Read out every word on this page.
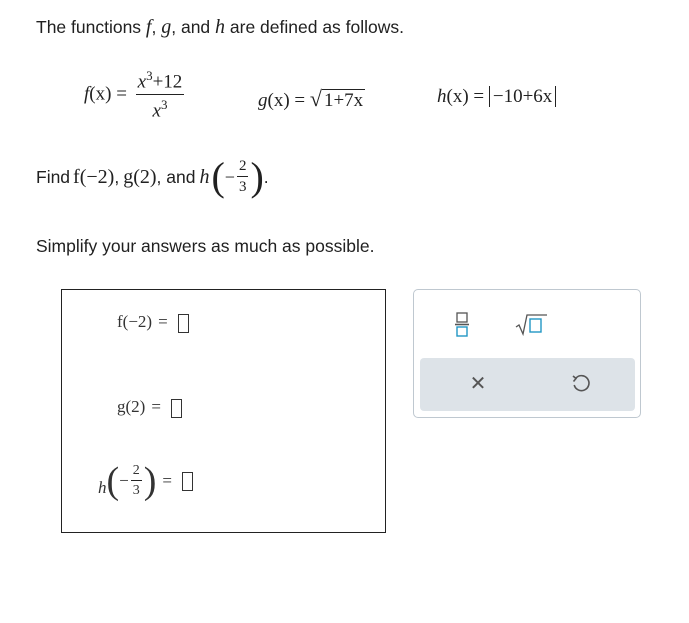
The functions f, g, and h are defined as follows.
$f(x) = \frac{x^3+12}{x^3}$	g(x) = √ 1+7x	h(x) = −10+6x
Find f(−2) , g(2) , and h ( − $\frac{2}{3}$ ) .
Simplify your answers as much as possible.
f(−2) =
g(2) =
h ( − $\frac{2}{3}$ ) =
✕
